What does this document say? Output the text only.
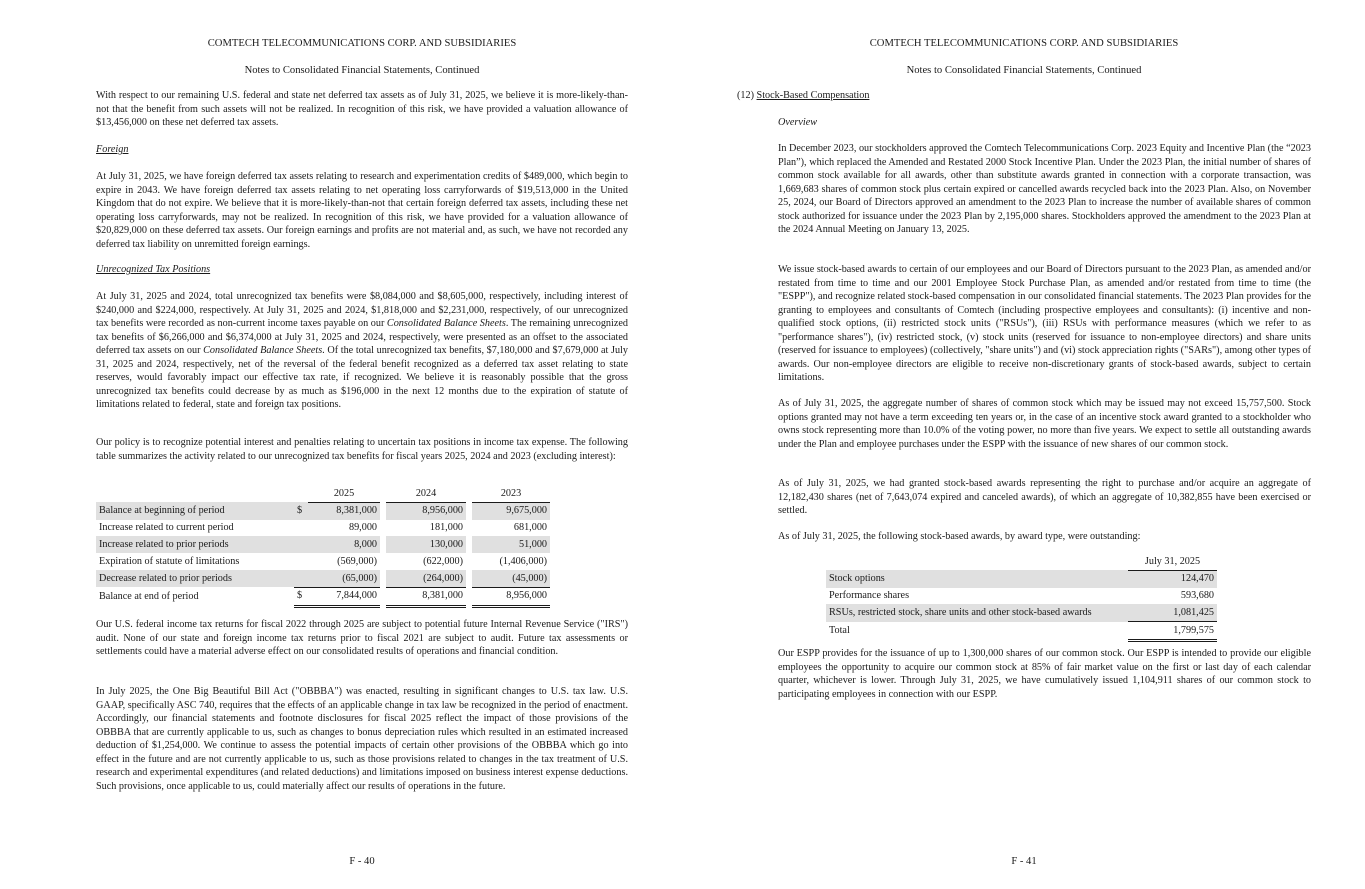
COMTECH TELECOMMUNICATIONS CORP. AND SUBSIDIARIES
Notes to Consolidated Financial Statements, Continued

With respect to our remaining U.S. federal and state net deferred tax assets as of July 31, 2025, we believe it is more-likely-than-not that the benefit from such assets will not be realized. In recognition of this risk, we have provided a valuation allowance of $13,456,000 on these net deferred tax assets.

Foreign

At July 31, 2025, we have foreign deferred tax assets relating to research and experimentation credits of $489,000, which begin to expire in 2043. We have foreign deferred tax assets relating to net operating loss carryforwards of $19,513,000 in the United Kingdom that do not expire. We believe that it is more-likely-than-not that certain foreign deferred tax assets, including these net operating loss carryforwards, may not be realized. In recognition of this risk, we have provided for a valuation allowance of $20,829,000 on these deferred tax assets. Our foreign earnings and profits are not material and, as such, we have not recorded any deferred tax liability on unremitted foreign earnings.

Unrecognized Tax Positions

At July 31, 2025 and 2024, total unrecognized tax benefits were $8,084,000 and $8,605,000, respectively, including interest of $240,000 and $224,000, respectively. At July 31, 2025 and 2024, $1,818,000 and $2,231,000, respectively, of our unrecognized tax benefits were recorded as non-current income taxes payable on our Consolidated Balance Sheets. The remaining unrecognized tax benefits of $6,266,000 and $6,374,000 at July 31, 2025 and 2024, respectively, were presented as an offset to the associated deferred tax assets on our Consolidated Balance Sheets. Of the total unrecognized tax benefits, $7,180,000 and $7,679,000 at July 31, 2025 and 2024, respectively, net of the reversal of the federal benefit recognized as a deferred tax asset relating to state reserves, would favorably impact our effective tax rate, if recognized. We believe it is reasonably possible that the gross unrecognized tax benefits could decrease by as much as $196,000 in the next 12 months due to the expiration of statute of limitations related to federal, state and foreign tax positions.

Our policy is to recognize potential interest and penalties relating to uncertain tax positions in income tax expense. The following table summarizes the activity related to our unrecognized tax benefits for fiscal years 2025, 2024 and 2023 (excluding interest):

		2025		2024		2023
Balance at beginning of period	$	8,381,000		8,956,000		9,675,000
Increase related to current period		89,000		181,000		681,000
Increase related to prior periods		8,000		130,000		51,000
Expiration of statute of limitations		(569,000)		(622,000)		(1,406,000)
Decrease related to prior periods		(65,000)		(264,000)		(45,000)
Balance at end of period	$	7,844,000		8,381,000		8,956,000

Our U.S. federal income tax returns for fiscal 2022 through 2025 are subject to potential future Internal Revenue Service ("IRS") audit. None of our state and foreign income tax returns prior to fiscal 2021 are subject to audit. Future tax assessments or settlements could have a material adverse effect on our consolidated results of operations and financial condition.

In July 2025, the One Big Beautiful Bill Act ("OBBBA") was enacted, resulting in significant changes to U.S. tax law. U.S. GAAP, specifically ASC 740, requires that the effects of an applicable change in tax law be recognized in the period of enactment. Accordingly, our financial statements and footnote disclosures for fiscal 2025 reflect the impact of those provisions of the OBBBA that are currently applicable to us, such as changes to bonus depreciation rules which resulted in an estimated increased deduction of $1,254,000. We continue to assess the potential impacts of certain other provisions of the OBBBA which go into effect in the future and are not currently applicable to us, such as those provisions related to changes in the tax treatment of U.S. research and experimental expenditures (and related deductions) and limitations imposed on business interest expense deductions. Such provisions, once applicable to us, could materially affect our results of operations in the future.

F - 40
COMTECH TELECOMMUNICATIONS CORP. AND SUBSIDIARIES
Notes to Consolidated Financial Statements, Continued

(12) Stock-Based Compensation

Overview

In December 2023, our stockholders approved the Comtech Telecommunications Corp. 2023 Equity and Incentive Plan (the “2023 Plan”), which replaced the Amended and Restated 2000 Stock Incentive Plan. Under the 2023 Plan, the initial number of shares of common stock available for all awards, other than substitute awards granted in connection with a corporate transaction, was 1,669,683 shares of common stock plus certain expired or cancelled awards recycled back into the 2023 Plan. Also, on November 25, 2024, our Board of Directors approved an amendment to the 2023 Plan to increase the number of available shares of common stock authorized for issuance under the 2023 Plan by 2,195,000 shares. Stockholders approved the amendment to the 2023 Plan at the 2024 Annual Meeting on January 13, 2025.

We issue stock-based awards to certain of our employees and our Board of Directors pursuant to the 2023 Plan, as amended and/or restated from time to time and our 2001 Employee Stock Purchase Plan, as amended and/or restated from time to time (the "ESPP"), and recognize related stock-based compensation in our consolidated financial statements. The 2023 Plan provides for the granting to employees and consultants of Comtech (including prospective employees and consultants): (i) incentive and non-qualified stock options, (ii) restricted stock units ("RSUs"), (iii) RSUs with performance measures (which we refer to as "performance shares"), (iv) restricted stock, (v) stock units (reserved for issuance to non-employee directors) and share units (reserved for issuance to employees) (collectively, "share units") and (vi) stock appreciation rights ("SARs"), among other types of awards. Our non-employee directors are eligible to receive non-discretionary grants of stock-based awards, subject to certain limitations.

As of July 31, 2025, the aggregate number of shares of common stock which may be issued may not exceed 15,757,500. Stock options granted may not have a term exceeding ten years or, in the case of an incentive stock award granted to a stockholder who owns stock representing more than 10.0% of the voting power, no more than five years. We expect to settle all outstanding awards under the Plan and employee purchases under the ESPP with the issuance of new shares of our common stock.

As of July 31, 2025, we had granted stock-based awards representing the right to purchase and/or acquire an aggregate of 12,182,430 shares (net of 7,643,074 expired and canceled awards), of which an aggregate of 10,382,855 have been exercised or settled.

As of July 31, 2025, the following stock-based awards, by award type, were outstanding:

	July 31, 2025
Stock options	124,470
Performance shares	593,680
RSUs, restricted stock, share units and other stock-based awards	1,081,425
Total	1,799,575

Our ESPP provides for the issuance of up to 1,300,000 shares of our common stock. Our ESPP is intended to provide our eligible employees the opportunity to acquire our common stock at 85% of fair market value on the first or last day of each calendar quarter, whichever is lower. Through July 31, 2025, we have cumulatively issued 1,104,911 shares of our common stock to participating employees in connection with our ESPP.

F - 41
